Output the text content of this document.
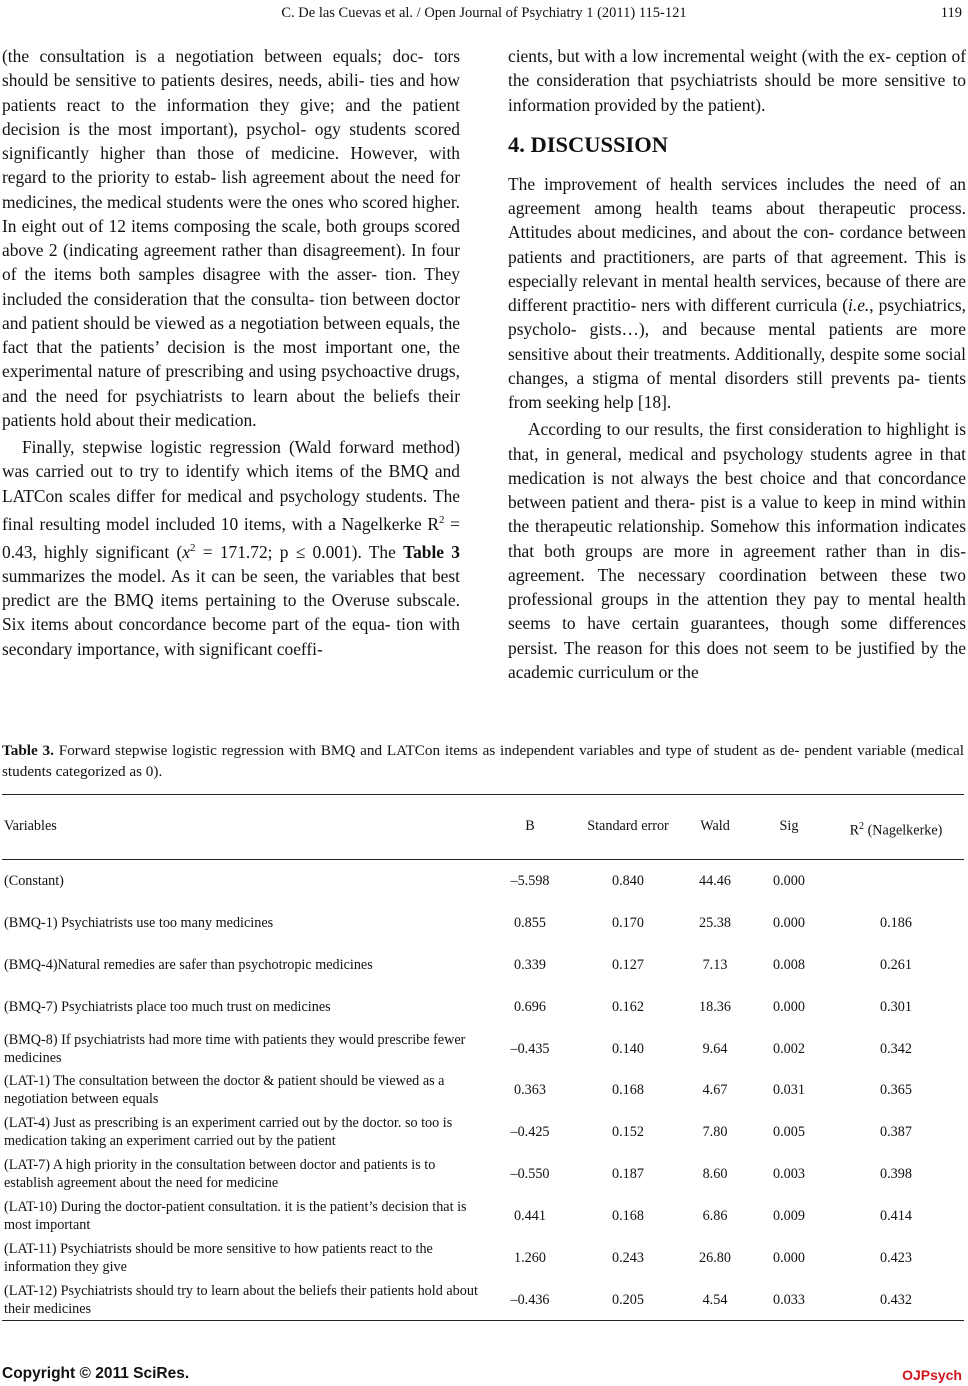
C. De las Cuevas et al. / Open Journal of Psychiatry 1 (2011) 115-121	119

(the consultation is a negotiation between equals; doc- tors should be sensitive to patients desires, needs, abili- ties and how patients react to the information they give; and the patient decision is the most important), psychol- ogy students scored significantly higher than those of medicine. However, with regard to the priority to estab- lish agreement about the need for medicines, the medical students were the ones who scored higher. In eight out of 12 items composing the scale, both groups scored above 2 (indicating agreement rather than disagreement). In four of the items both samples disagree with the asser- tion. They included the consideration that the consulta- tion between doctor and patient should be viewed as a negotiation between equals, the fact that the patients’ decision is the most important one, the experimental nature of prescribing and using psychoactive drugs, and the need for psychiatrists to learn about the beliefs their patients hold about their medication.

Finally, stepwise logistic regression (Wald forward method) was carried out to try to identify which items of the BMQ and LATCon scales differ for medical and psychology students. The final resulting model included 10 items, with a Nagelkerke $R^2 = 0.43$, highly significant ($x^2 = 171.72$; p ≤ 0.001). The Table 3 summarizes the model. As it can be seen, the variables that best predict are the BMQ items pertaining to the Overuse subscale. Six items about concordance become part of the equa- tion with secondary importance, with significant coeffi-

cients, but with a low incremental weight (with the ex- ception of the consideration that psychiatrists should be more sensitive to information provided by the patient).

4. DISCUSSION

The improvement of health services includes the need of an agreement among health teams about therapeutic process. Attitudes about medicines, and about the con- cordance between patients and practitioners, are parts of that agreement. This is especially relevant in mental health services, because of there are different practitio- ners with different curricula (i.e., psychiatrics, psycholo- gists…), and because mental patients are more sensitive about their treatments. Additionally, despite some social changes, a stigma of mental disorders still prevents pa- tients from seeking help [18].

According to our results, the first consideration to highlight is that, in general, medical and psychology students agree in that medication is not always the best choice and that concordance between patient and thera- pist is a value to keep in mind within the therapeutic relationship. Somehow this information indicates that both groups are more in agreement rather than in dis- agreement. The necessary coordination between these two professional groups in the attention they pay to mental health seems to have certain guarantees, though some differences persist. The reason for this does not seem to be justified by the academic curriculum or the

Table 3. Forward stepwise logistic regression with BMQ and LATCon items as independent variables and type of student as de- pendent variable (medical students categorized as 0).
Variables	B	Standard error	Wald	Sig	$R^2$ (Nagelkerke)
(Constant)	–5.598	0.840	44.46	0.000
(BMQ-1) Psychiatrists use too many medicines	0.855	0.170	25.38	0.000	0.186
(BMQ-4)Natural remedies are safer than psychotropic medicines	0.339	0.127	7.13	0.008	0.261
(BMQ-7) Psychiatrists place too much trust on medicines	0.696	0.162	18.36	0.000	0.301
(BMQ-8) If psychiatrists had more time with patients they would prescribe fewer medicines
–0.435	0.140	9.64	0.002	0.342
(LAT-1) The consultation between the doctor & patient should be viewed as a negotiation between equals
0.363	0.168	4.67	0.031	0.365
(LAT-4) Just as prescribing is an experiment carried out by the doctor. so too is medication taking an experiment carried out by the patient
–0.425	0.152	7.80	0.005	0.387
(LAT-7) A high priority in the consultation between doctor and patients is to establish agreement about the need for medicine
–0.550	0.187	8.60	0.003	0.398
(LAT-10) During the doctor-patient consultation. it is the patient’s decision that is most important
0.441	0.168	6.86	0.009	0.414
(LAT-11) Psychiatrists should be more sensitive to how patients react to the information they give
1.260	0.243	26.80	0.000	0.423
(LAT-12) Psychiatrists should try to learn about the beliefs their patients hold about their medicines
–0.436	0.205	4.54	0.033	0.432
Copyright © 2011 SciRes.	OJPsych
